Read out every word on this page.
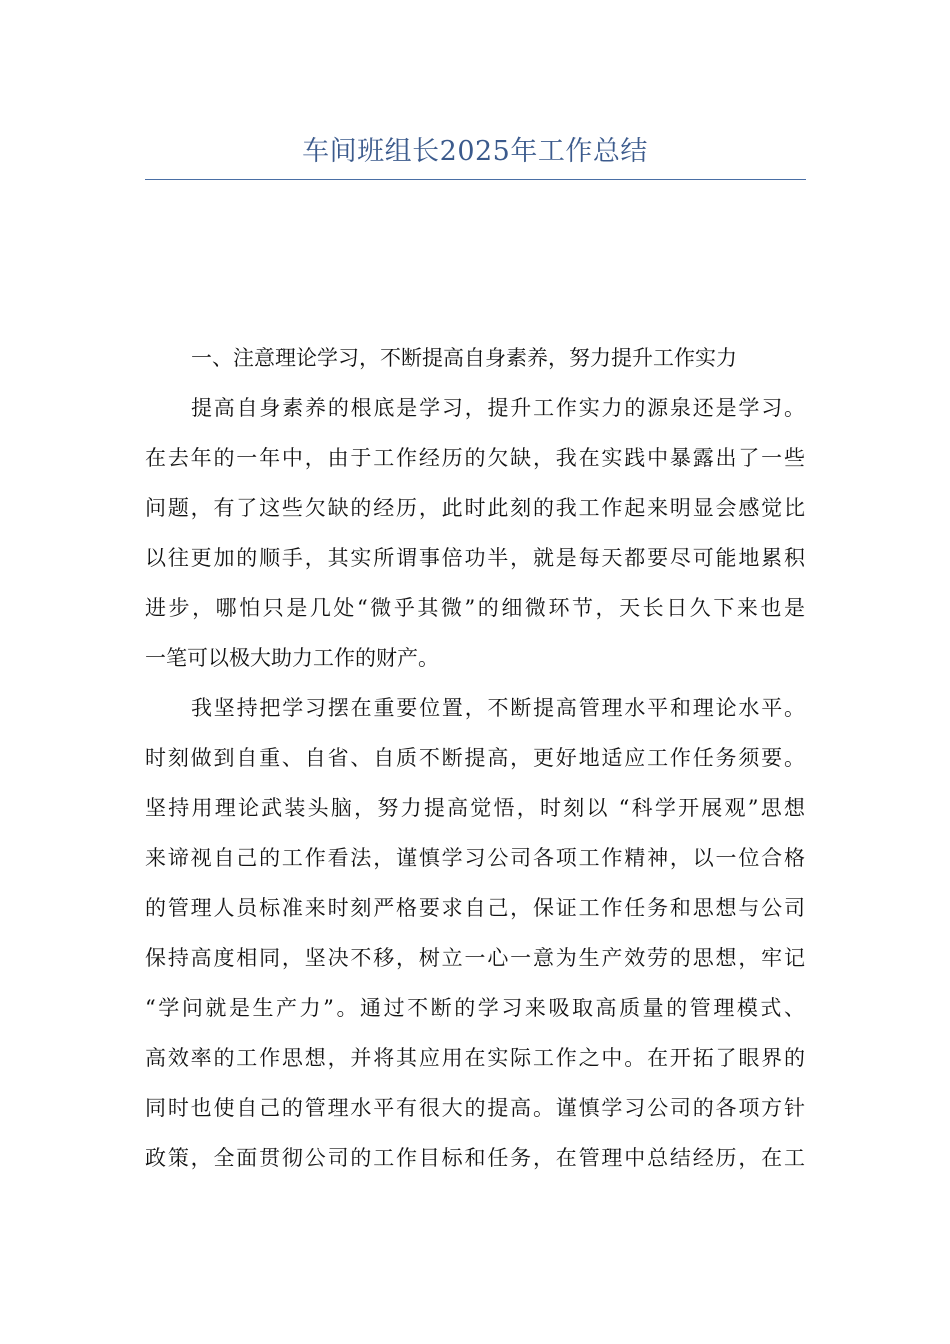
车间班组长2025年工作总结
一、注意理论学习，不断提高自身素养，努力提升工作实力
提高自身素养的根底是学习，提升工作实力的源泉还是学习。
在去年的一年中，由于工作经历的欠缺，我在实践中暴露出了一些
问题，有了这些欠缺的经历，此时此刻的我工作起来明显会感觉比
以往更加的顺手，其实所谓事倍功半，就是每天都要尽可能地累积
进步，哪怕只是几处“微乎其微”的细微环节，天长日久下来也是
一笔可以极大助力工作的财产。
我坚持把学习摆在重要位置，不断提高管理水平和理论水平。
时刻做到自重、自省、自质不断提高，更好地适应工作任务须要。
坚持用理论武装头脑，努力提高觉悟，时刻以 “科学开展观”思想
来谛视自己的工作看法，谨慎学习公司各项工作精神，以一位合格
的管理人员标准来时刻严格要求自己，保证工作任务和思想与公司
保持高度相同，坚决不移，树立一心一意为生产效劳的思想，牢记
“学问就是生产力”。通过不断的学习来吸取高质量的管理模式、
高效率的工作思想，并将其应用在实际工作之中。在开拓了眼界的
同时也使自己的管理水平有很大的提高。谨慎学习公司的各项方针
政策，全面贯彻公司的工作目标和任务，在管理中总结经历，在工
